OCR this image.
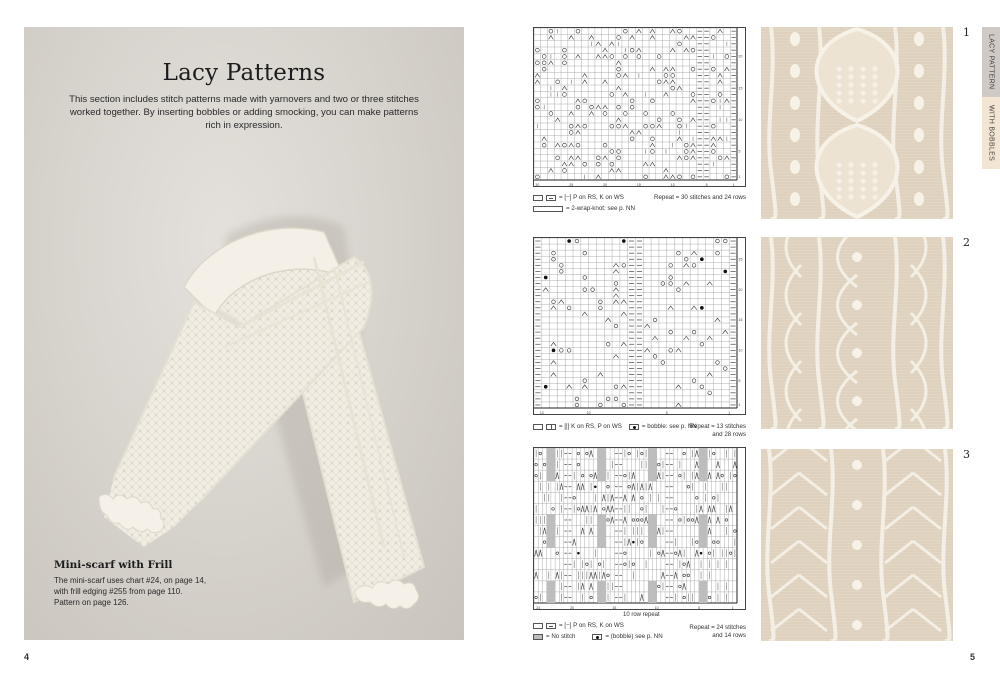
Lacy Patterns
This section includes stitch patterns made with yarnovers and two or three stitches worked together. By inserting bobbles or adding smocking, you can make patterns rich in expression.
Mini-scarf with Frill
The mini-scarf uses chart #24, on page 14,
with frill edging #255 from page 110.
Pattern on page 126.
4
30	25	20	15	10	5	1
20
15
10
5
1
= [−] P on RS, K on WS
= 2-wrap-knot: see p. NN
Repeat = 30 stitches and 24 rows
1
13	10	5	1
25
20
15
10
5
1
= [|] K on RS, P on WS	= bobble: see p. NN
Repeat = 13 stitches
and 28 rows
2
24	20	15	10	5	1
10 row repeat
= [−] P on RS, K on WS
= No stitch	= (bobble) see p. NN
Repeat = 24 stitches
and 14 rows
3
LACY PATTERN
WITH BOBBLES
5
